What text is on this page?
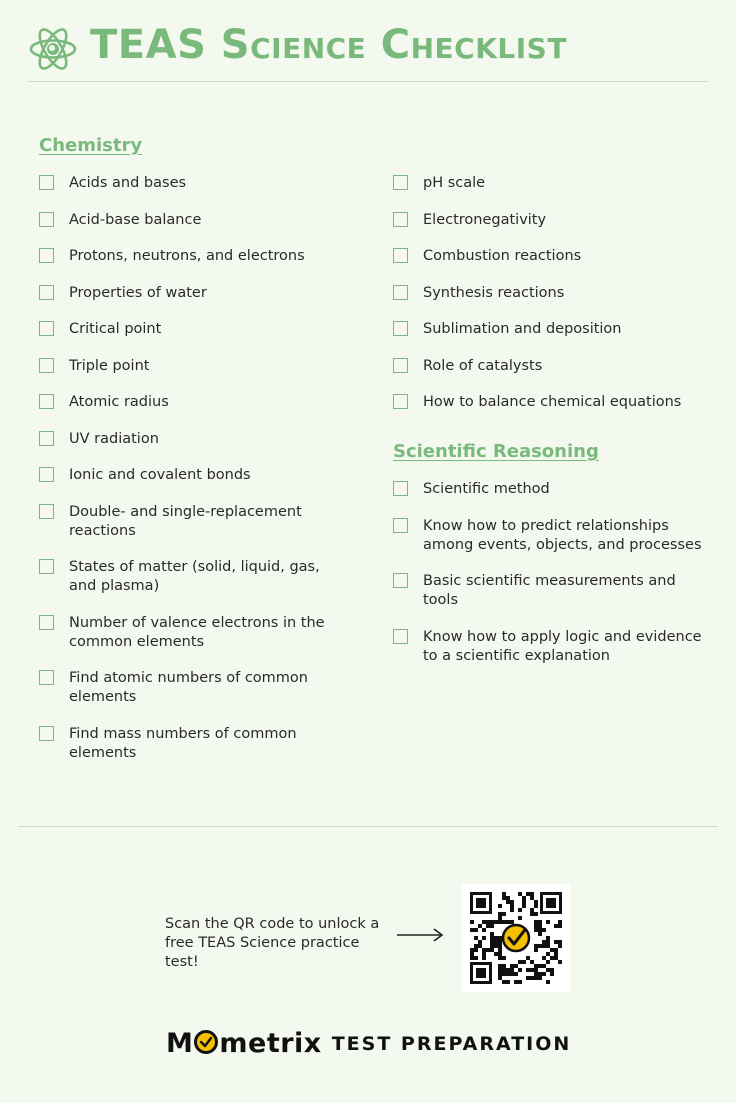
TEAS Science Checklist
Chemistry
Acids and bases
Acid-base balance
Protons, neutrons, and electrons
Properties of water
Critical point
Triple point
Atomic radius
UV radiation
Ionic and covalent bonds
Double- and single-replacement reactions
States of matter (solid, liquid, gas, and plasma)
Number of valence electrons in the common elements
Find atomic numbers of common elements
Find mass numbers of common elements
pH scale
Electronegativity
Combustion reactions
Synthesis reactions
Sublimation and deposition
Role of catalysts
How to balance chemical equations
Scientific Reasoning
Scientific method
Know how to predict relationships among events, objects, and processes
Basic scientific measurements and tools
Know how to apply logic and evidence to a scientific explanation
Scan the QR code to unlock a
free TEAS Science practice test!
M metrix TEST PREPARATION
